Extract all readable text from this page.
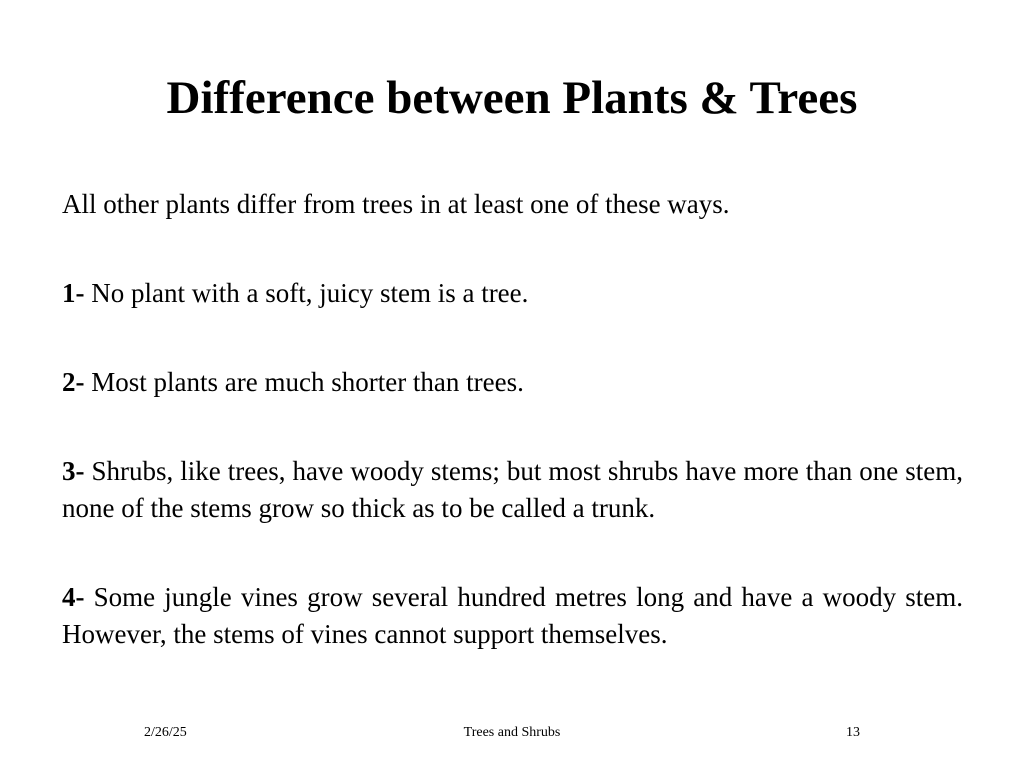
Difference between Plants & Trees

All other plants differ from trees in at least one of these ways.

1- No plant with a soft, juicy stem is a tree.

2- Most plants are much shorter than trees.

3- Shrubs, like trees, have woody stems; but most shrubs have more than one stem, none of the stems grow so thick as to be called a trunk.

4- Some jungle vines grow several hundred metres long and have a woody stem. However, the stems of vines cannot support themselves.

2/26/25	Trees and Shrubs	13
